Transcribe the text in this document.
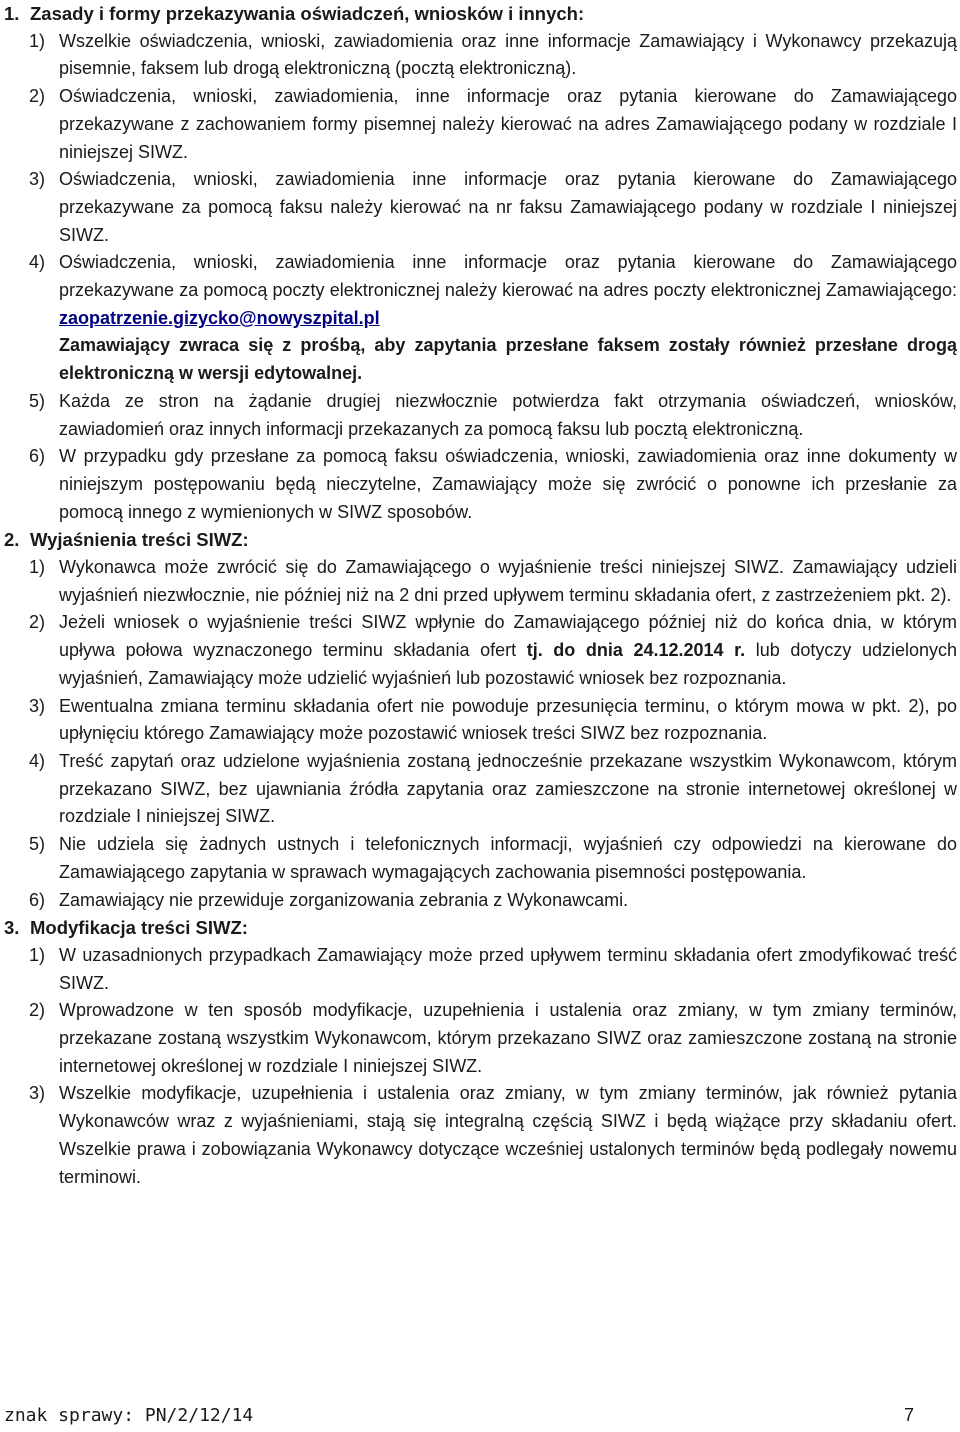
1. Zasady i formy przekazywania oświadczeń, wniosków i innych:
1) Wszelkie oświadczenia, wnioski, zawiadomienia oraz inne informacje Zamawiający i Wykonawcy przekazują pisemnie, faksem lub drogą elektroniczną (pocztą elektroniczną).
2) Oświadczenia, wnioski, zawiadomienia, inne informacje oraz pytania kierowane do Zamawiającego przekazywane z zachowaniem formy pisemnej należy kierować na adres Zamawiającego podany w rozdziale I niniejszej SIWZ.
3) Oświadczenia, wnioski, zawiadomienia inne informacje oraz pytania kierowane do Zamawiającego przekazywane za pomocą faksu należy kierować na nr faksu Zamawiającego podany w rozdziale I niniejszej SIWZ.
4) Oświadczenia, wnioski, zawiadomienia inne informacje oraz pytania kierowane do Zamawiającego przekazywane za pomocą poczty elektronicznej należy kierować na adres poczty elektronicznej Zamawiającego: zaopatrzenie.gizycko@nowyszpital.pl
Zamawiający zwraca się z prośbą, aby zapytania przesłane faksem zostały również przesłane drogą elektroniczną w wersji edytowalnej.
5) Każda ze stron na żądanie drugiej niezwłocznie potwierdza fakt otrzymania oświadczeń, wniosków, zawiadomień oraz innych informacji przekazanych za pomocą faksu lub pocztą elektroniczną.
6) W przypadku gdy przesłane za pomocą faksu oświadczenia, wnioski, zawiadomienia oraz inne dokumenty w niniejszym postępowaniu będą nieczytelne, Zamawiający może się zwrócić o ponowne ich przesłanie za pomocą innego z wymienionych w SIWZ sposobów.
2. Wyjaśnienia treści SIWZ:
1) Wykonawca może zwrócić się do Zamawiającego o wyjaśnienie treści niniejszej SIWZ. Zamawiający udzieli wyjaśnień niezwłocznie, nie później niż na 2 dni przed upływem terminu składania ofert, z zastrzeżeniem pkt. 2).
2) Jeżeli wniosek o wyjaśnienie treści SIWZ wpłynie do Zamawiającego później niż do końca dnia, w którym upływa połowa wyznaczonego terminu składania ofert tj. do dnia 24.12.2014 r. lub dotyczy udzielonych wyjaśnień, Zamawiający może udzielić wyjaśnień lub pozostawić wniosek bez rozpoznania.
3) Ewentualna zmiana terminu składania ofert nie powoduje przesunięcia terminu, o którym mowa w pkt. 2), po upłynięciu którego Zamawiający może pozostawić wniosek treści SIWZ bez rozpoznania.
4) Treść zapytań oraz udzielone wyjaśnienia zostaną jednocześnie przekazane wszystkim Wykonawcom, którym przekazano SIWZ, bez ujawniania źródła zapytania oraz zamieszczone na stronie internetowej określonej w rozdziale I niniejszej SIWZ.
5) Nie udziela się żadnych ustnych i telefonicznych informacji, wyjaśnień czy odpowiedzi na kierowane do Zamawiającego zapytania w sprawach wymagających zachowania pisemności postępowania.
6) Zamawiający nie przewiduje zorganizowania zebrania z Wykonawcami.
3. Modyfikacja treści SIWZ:
1) W uzasadnionych przypadkach Zamawiający może przed upływem terminu składania ofert zmodyfikować treść SIWZ.
2) Wprowadzone w ten sposób modyfikacje, uzupełnienia i ustalenia oraz zmiany, w tym zmiany terminów, przekazane zostaną wszystkim Wykonawcom, którym przekazano SIWZ oraz zamieszczone zostaną na stronie internetowej określonej w rozdziale I niniejszej SIWZ.
3) Wszelkie modyfikacje, uzupełnienia i ustalenia oraz zmiany, w tym zmiany terminów, jak również pytania Wykonawców wraz z wyjaśnieniami, stają się integralną częścią SIWZ i będą wiążące przy składaniu ofert. Wszelkie prawa i zobowiązania Wykonawcy dotyczące wcześniej ustalonych terminów będą podlegały nowemu terminowi.
znak sprawy: PN/2/12/14	7
